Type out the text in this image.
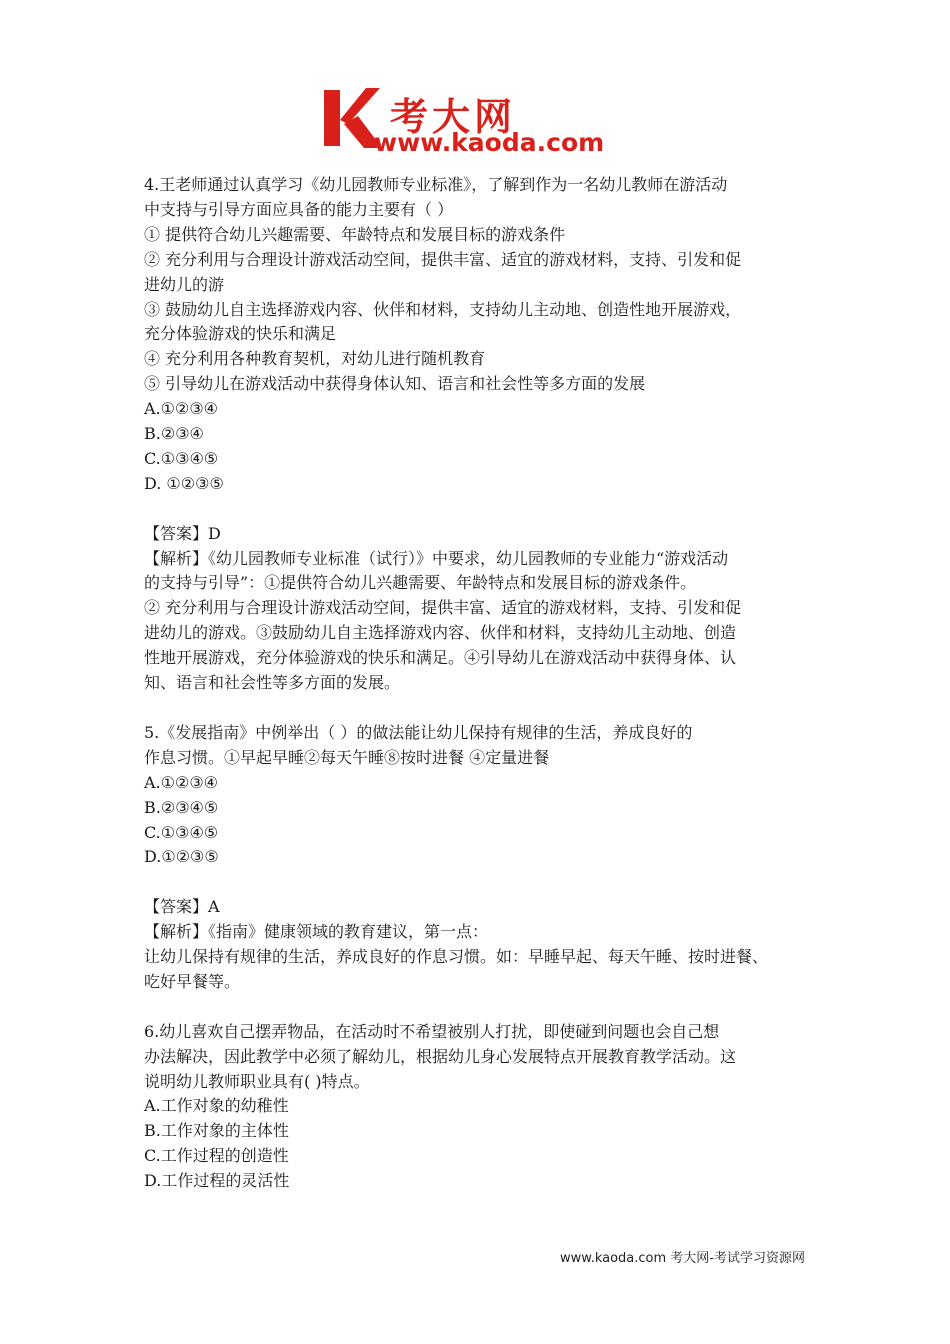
考大网
www.kaoda.com

4.王老师通过认真学习《幼儿园教师专业标准》，了解到作为一名幼儿教师在游活动

中支持与引导方面应具备的能力主要有（ ）

① 提供符合幼儿兴趣需要、年龄特点和发展目标的游戏条件

② 充分利用与合理设计游戏活动空间，提供丰富、适宜的游戏材料，支持、引发和促

进幼儿的游

③ 鼓励幼儿自主选择游戏内容、伙伴和材料，支持幼儿主动地、创造性地开展游戏，

充分体验游戏的快乐和满足

④ 充分利用各种教育契机，对幼儿进行随机教育

⑤ 引导幼儿在游戏活动中获得身体认知、语言和社会性等多方面的发展

A.①②③④

B.②③④

C.①③④⑤

D. ①②③⑤

【答案】D

【解析】《幼儿园教师专业标准（试行）》中要求，幼儿园教师的专业能力“游戏活动

的支持与引导”：①提供符合幼儿兴趣需要、年龄特点和发展目标的游戏条件。

② 充分利用与合理设计游戏活动空间，提供丰富、适宜的游戏材料，支持、引发和促

进幼儿的游戏。③鼓励幼儿自主选择游戏内容、伙伴和材料，支持幼儿主动地、创造

性地开展游戏，充分体验游戏的快乐和满足。④引导幼儿在游戏活动中获得身体、认

知、语言和社会性等多方面的发展。

5.《发展指南》中例举出（ ）的做法能让幼儿保持有规律的生活，养成良好的

作息习惯。①早起早睡②每天午睡⑧按时进餐 ④定量进餐

A.①②③④

B.②③④⑤

C.①③④⑤

D.①②③⑤

【答案】A

【解析】《指南》健康领域的教育建议，第一点：

让幼儿保持有规律的生活，养成良好的作息习惯。如：早睡早起、每天午睡、按时进餐、

吃好早餐等。

6.幼儿喜欢自己摆弄物品，在活动时不希望被别人打扰，即使碰到问题也会自己想

办法解决，因此教学中必须了解幼儿，根据幼儿身心发展特点开展教育教学活动。这

说明幼儿教师职业具有( )特点。

A.工作对象的幼稚性

B.工作对象的主体性

C.工作过程的创造性

D.工作过程的灵活性

www.kaoda.com 考大网-考试学习资源网
